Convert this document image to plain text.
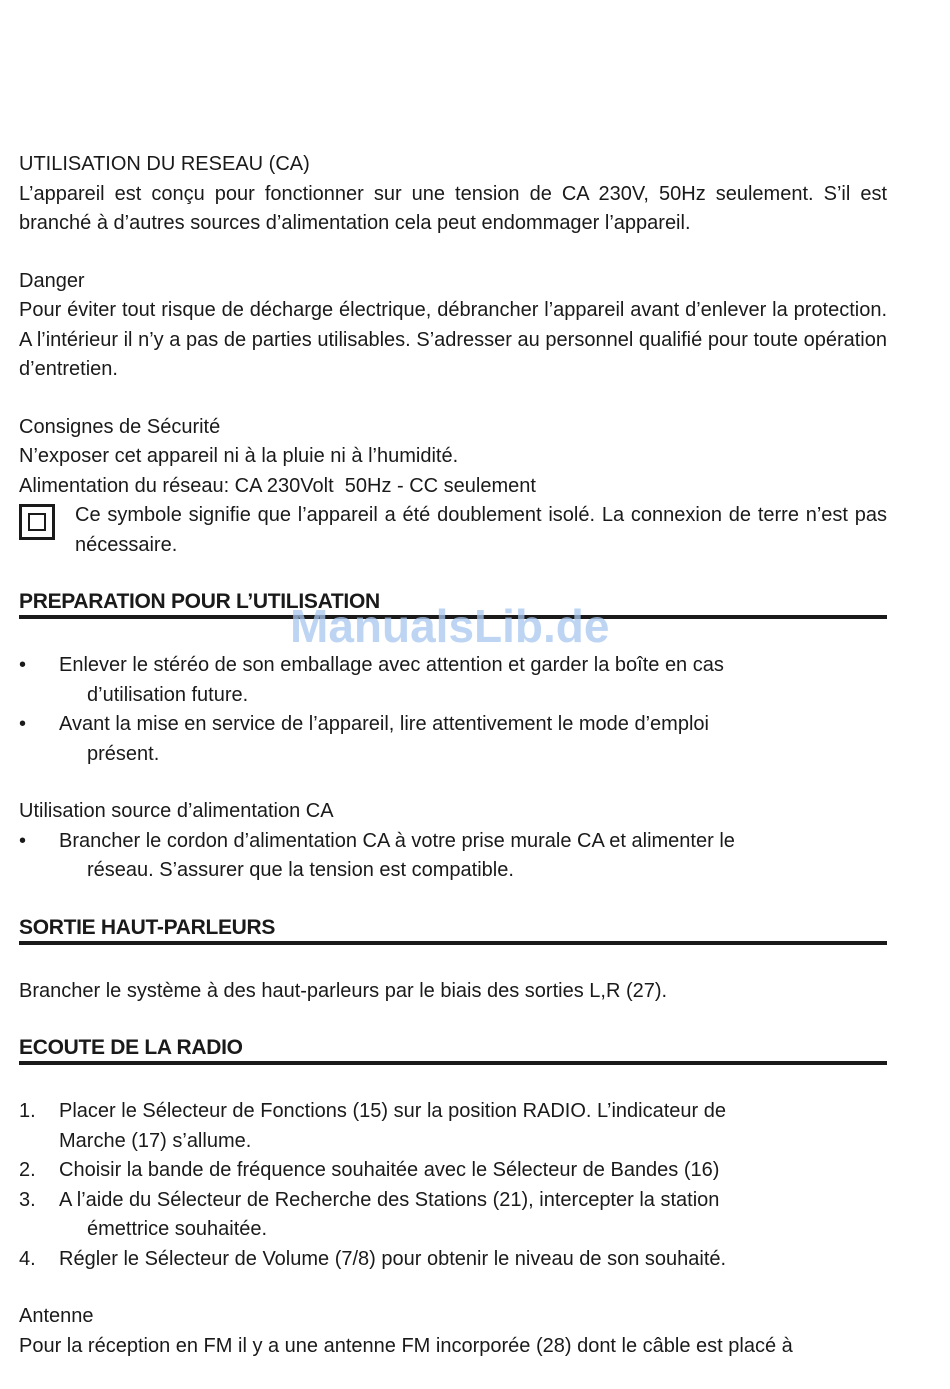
UTILISATION DU RESEAU (CA)

L’appareil est conçu pour fonctionner sur une tension de CA 230V, 50Hz seulement. S’il est branché à d’autres sources d’alimentation cela peut endommager l’appareil.

Danger

Pour éviter tout risque de décharge électrique, débrancher l’appareil avant d’enlever la protection. A l’intérieur il n’y a pas de parties utilisables. S’adresser au personnel qualifié pour toute opération d’entretien.

Consignes de Sécurité

N’exposer cet appareil ni à la pluie ni à l’humidité.

Alimentation du réseau: CA 230Volt  50Hz - CC seulement

Ce symbole signifie que l’appareil a été doublement isolé. La connexion de terre n’est pas nécessaire.

PREPARATION POUR L’UTILISATION
•	Enlever le stéréo de son emballage avec attention et garder la boîte en cas
d’utilisation future.
•	Avant la mise en service de l’appareil, lire attentivement le mode d’emploi
présent.

Utilisation source d’alimentation CA

•	Brancher le cordon d’alimentation CA à votre prise murale CA et alimenter le
réseau. S’assurer que la tension est compatible.
SORTIE HAUT-PARLEURS

Brancher le système à des haut-parleurs par le biais des sorties L,R (27).

ECOUTE DE LA RADIO
1.	Placer le Sélecteur de Fonctions (15) sur la position RADIO. L’indicateur de
Marche (17) s’allume.
2.	Choisir la bande de fréquence souhaitée avec le Sélecteur de Bandes (16)
3.	A l’aide du Sélecteur de Recherche des Stations (21), intercepter la station
émettrice souhaitée.
4.	Régler le Sélecteur de Volume (7/8) pour obtenir le niveau de son souhaité.

Antenne

Pour la réception en FM il y a une antenne FM incorporée (28) dont le câble est placé à

ManualsLib.de
